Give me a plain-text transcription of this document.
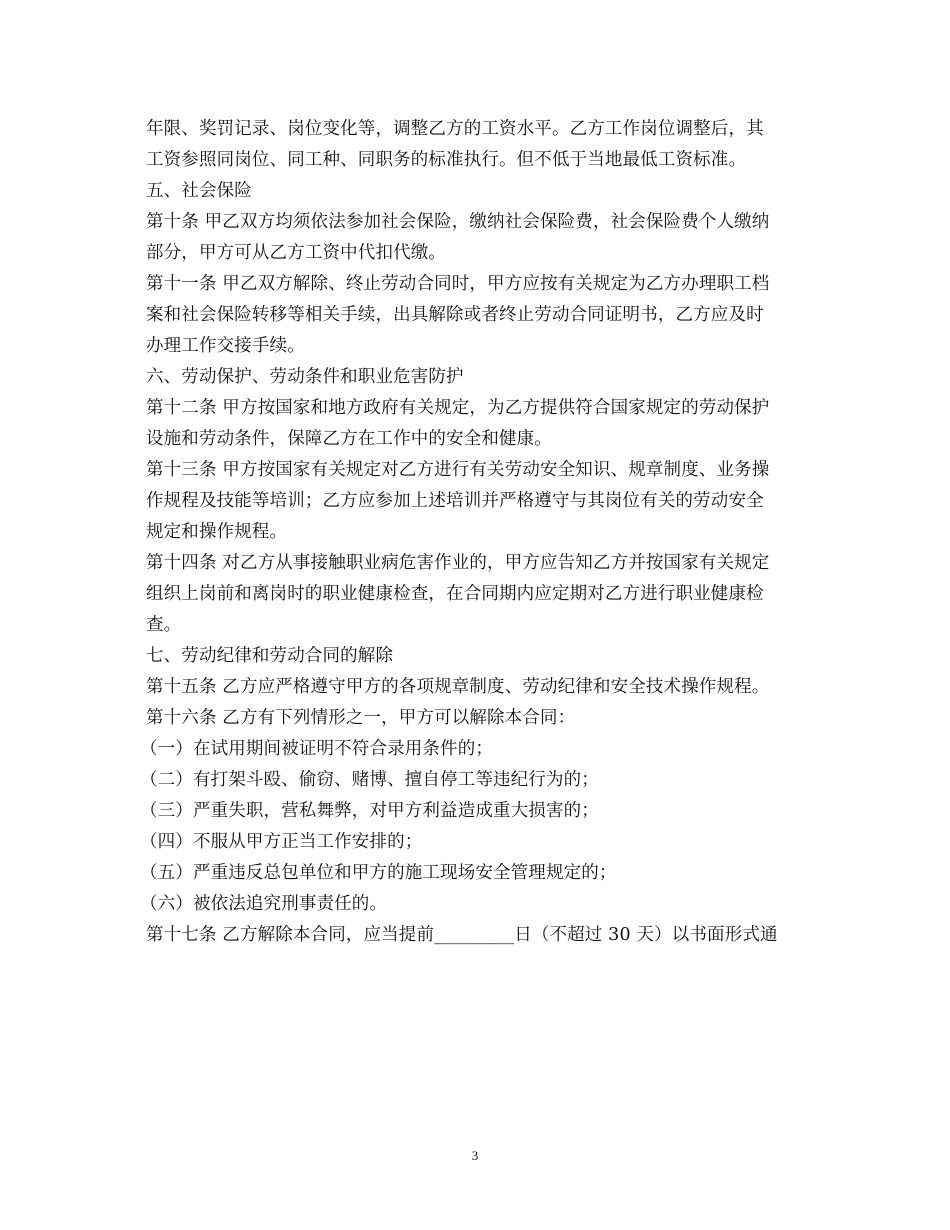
年限、奖罚记录、岗位变化等，调整乙方的工资水平。乙方工作岗位调整后，其
工资参照同岗位、同工种、同职务的标准执行。但不低于当地最低工资标准。
五、社会保险
第十条 甲乙双方均须依法参加社会保险，缴纳社会保险费，社会保险费个人缴纳
部分，甲方可从乙方工资中代扣代缴。
第十一条 甲乙双方解除、终止劳动合同时，甲方应按有关规定为乙方办理职工档
案和社会保险转移等相关手续，出具解除或者终止劳动合同证明书，乙方应及时
办理工作交接手续。
六、劳动保护、劳动条件和职业危害防护
第十二条 甲方按国家和地方政府有关规定，为乙方提供符合国家规定的劳动保护
设施和劳动条件，保障乙方在工作中的安全和健康。
第十三条 甲方按国家有关规定对乙方进行有关劳动安全知识、规章制度、业务操
作规程及技能等培训；乙方应参加上述培训并严格遵守与其岗位有关的劳动安全
规定和操作规程。
第十四条 对乙方从事接触职业病危害作业的，甲方应告知乙方并按国家有关规定
组织上岗前和离岗时的职业健康检查，在合同期内应定期对乙方进行职业健康检
查。
七、劳动纪律和劳动合同的解除
第十五条 乙方应严格遵守甲方的各项规章制度、劳动纪律和安全技术操作规程。
第十六条 乙方有下列情形之一，甲方可以解除本合同：
（一）在试用期间被证明不符合录用条件的；
（二）有打架斗殴、偷窃、赌博、擅自停工等违纪行为的；
（三）严重失职，营私舞弊，对甲方利益造成重大损害的；
（四）不服从甲方正当工作安排的；
（五）严重违反总包单位和甲方的施工现场安全管理规定的；
（六）被依法追究刑事责任的。
第十七条 乙方解除本合同，应当提前_________日（不超过 30 天）以书面形式通
3
